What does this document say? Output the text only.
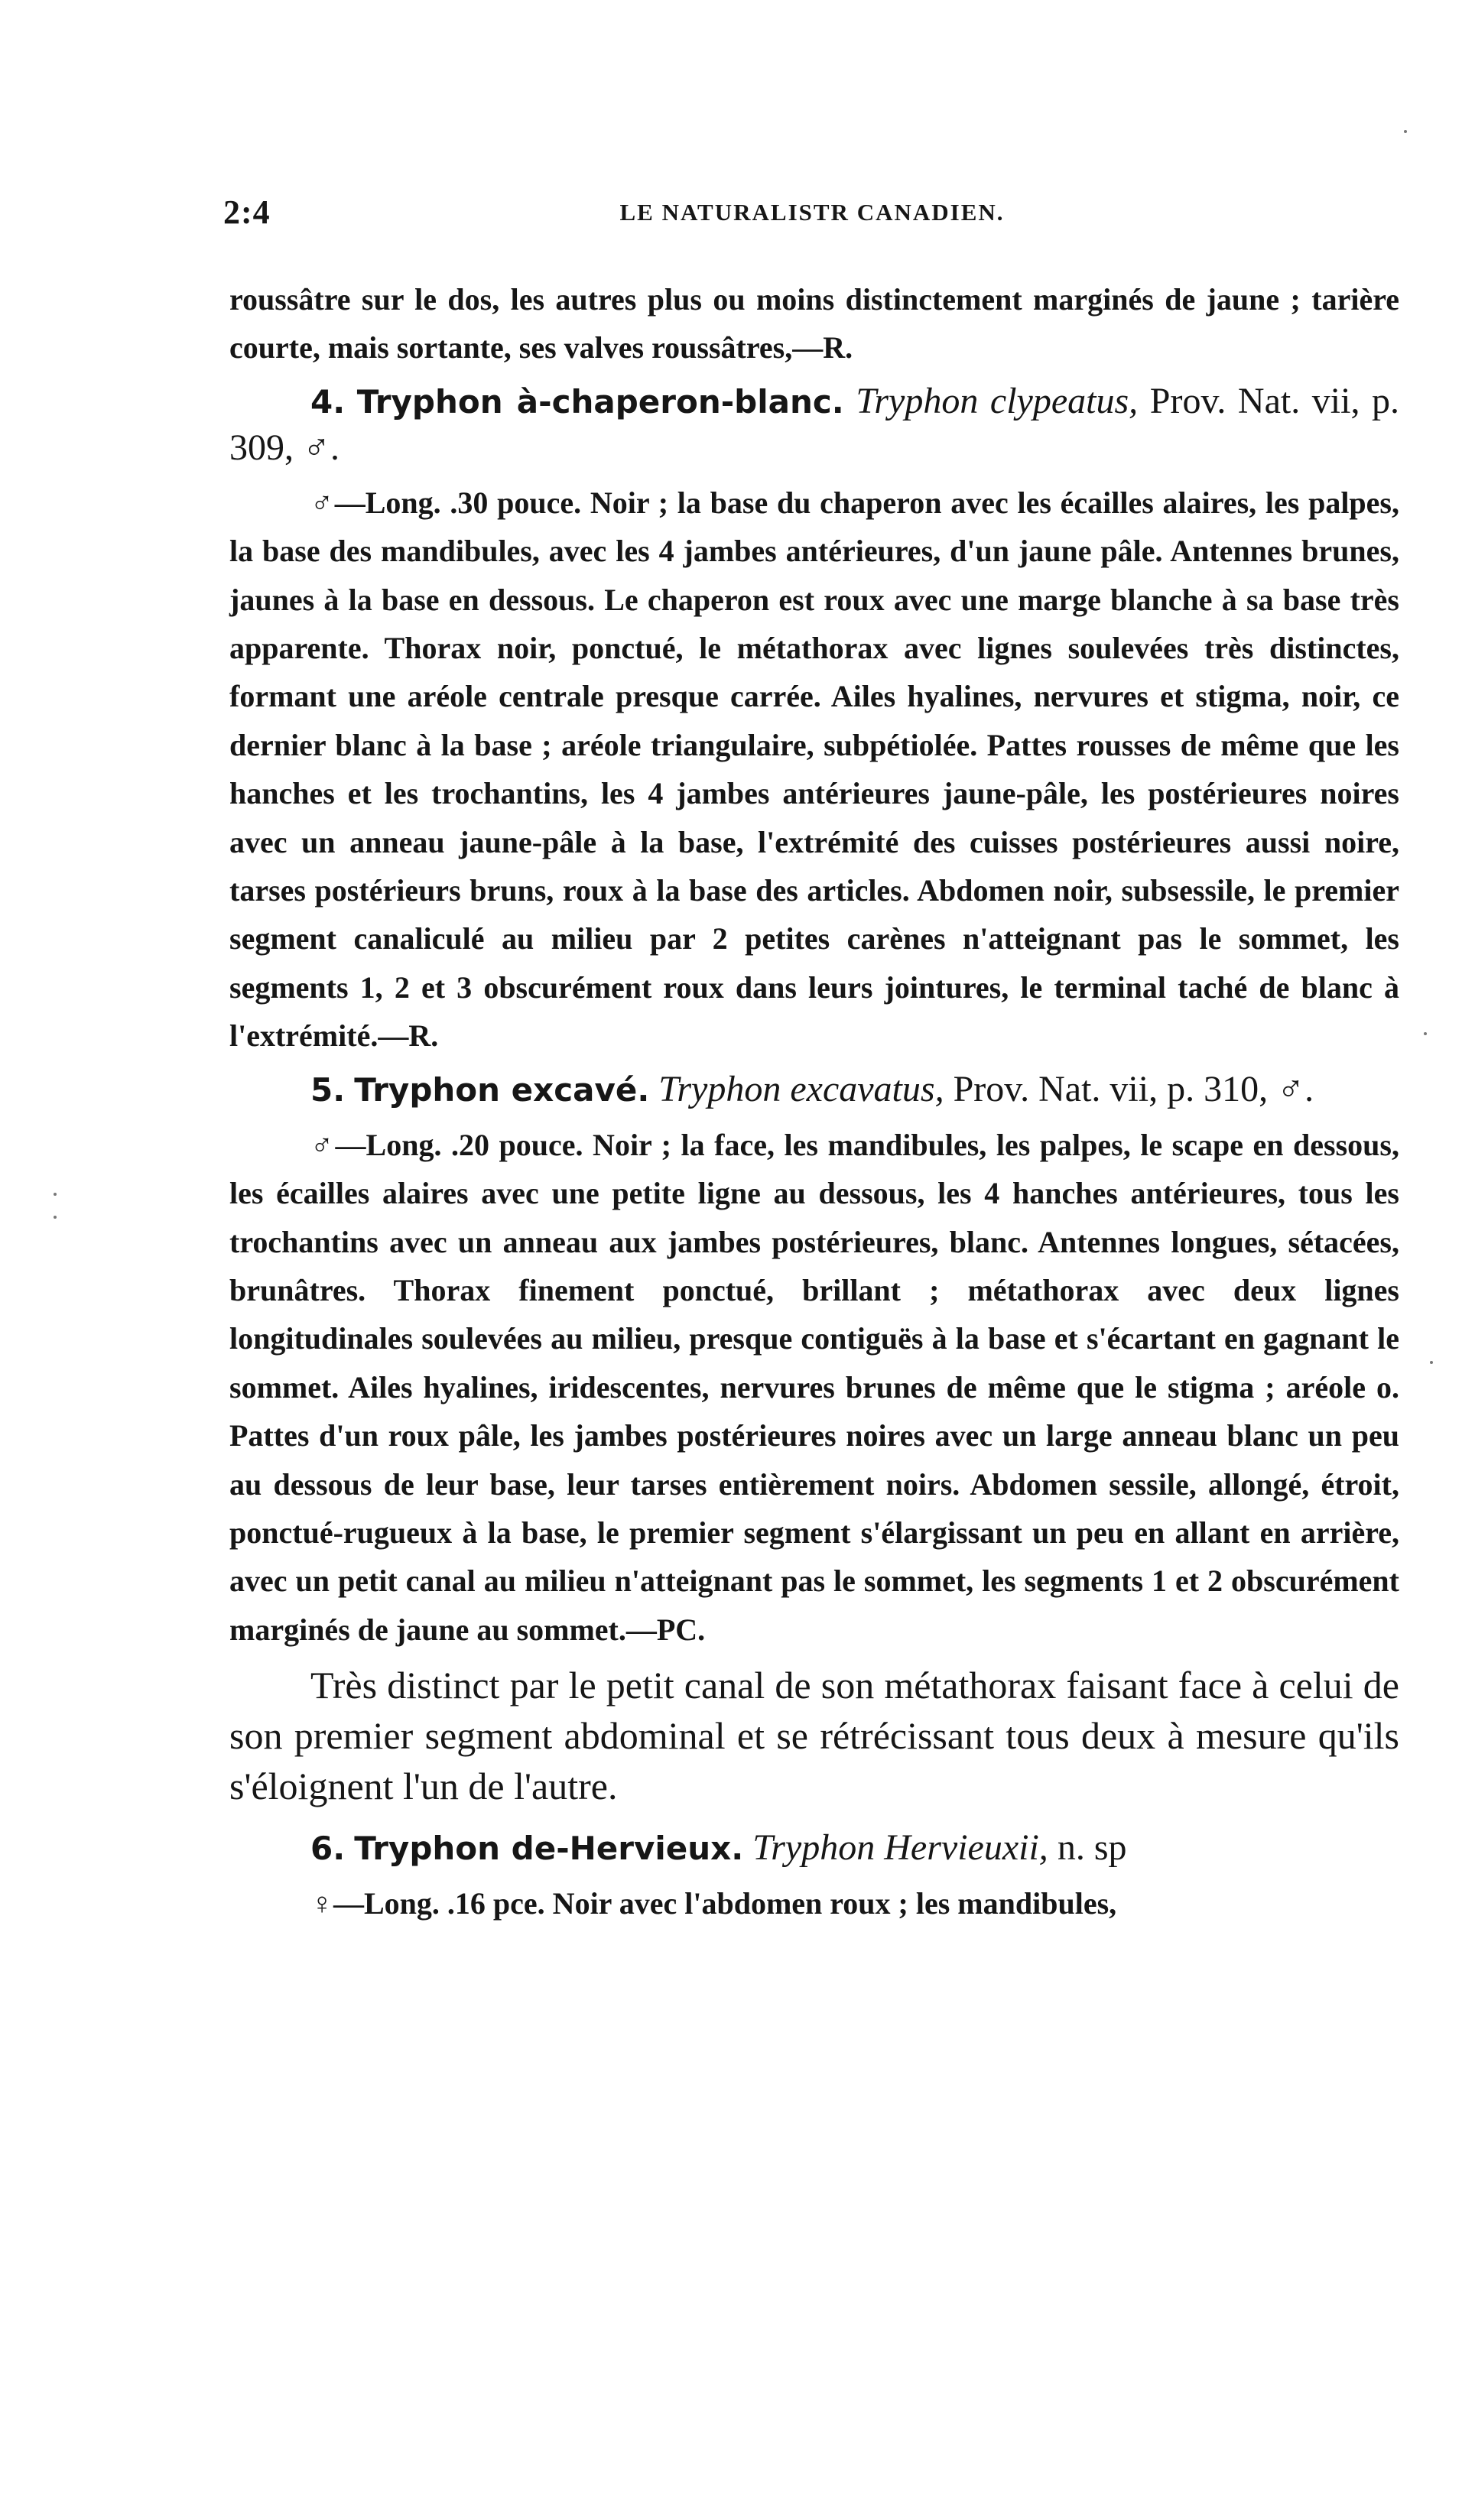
2:4	LE NATURALISTR CANADIEN.

roussâtre sur le dos, les autres plus ou moins distinctement marginés de jaune ; tarière courte, mais sortante, ses valves roussâtres,—R.

4. Tryphon à-chaperon-blanc. Tryphon clypeatus, Prov. Nat. vii, p. 309, ♂.

♂—Long. .30 pouce. Noir ; la base du chaperon avec les écailles alaires, les palpes, la base des mandibules, avec les 4 jambes antérieures, d'un jaune pâle. Antennes brunes, jaunes à la base en dessous. Le chaperon est roux avec une marge blanche à sa base très apparente. Thorax noir, ponctué, le métathorax avec lignes soulevées très distinctes, formant une aréole centrale presque carrée. Ailes hyalines, nervures et stigma, noir, ce dernier blanc à la base ; aréole triangulaire, subpétiolée. Pattes rousses de même que les hanches et les trochantins, les 4 jambes antérieures jaune-pâle, les postérieures noires avec un anneau jaune-pâle à la base, l'extrémité des cuisses postérieures aussi noire, tarses postérieurs bruns, roux à la base des articles. Abdomen noir, subsessile, le premier segment canaliculé au milieu par 2 petites carènes n'atteignant pas le sommet, les segments 1, 2 et 3 obscurément roux dans leurs jointures, le terminal taché de blanc à l'extrémité.—R.

5. Tryphon excavé. Tryphon excavatus, Prov. Nat. vii, p. 310, ♂.

♂—Long. .20 pouce. Noir ; la face, les mandibules, les palpes, le scape en dessous, les écailles alaires avec une petite ligne au dessous, les 4 hanches antérieures, tous les trochantins avec un anneau aux jambes postérieures, blanc. Antennes longues, sétacées, brunâtres. Thorax finement ponctué, brillant ; métathorax avec deux lignes longitudinales soulevées au milieu, presque contiguës à la base et s'écartant en gagnant le sommet. Ailes hyalines, iridescentes, nervures brunes de même que le stigma ; aréole o. Pattes d'un roux pâle, les jambes postérieures noires avec un large anneau blanc un peu au dessous de leur base, leur tarses entièrement noirs. Abdomen sessile, allongé, étroit, ponctué-rugueux à la base, le premier segment s'élargissant un peu en allant en arrière, avec un petit canal au milieu n'atteignant pas le sommet, les segments 1 et 2 obscurément marginés de jaune au sommet.—PC.

Très distinct par le petit canal de son métathorax faisant face à celui de son premier segment abdominal et se rétrécissant tous deux à mesure qu'ils s'éloignent l'un de l'autre.

6. Tryphon de-Hervieux. Tryphon Hervieuxii, n. sp

♀—Long. .16 pce. Noir avec l'abdomen roux ; les mandibules,
